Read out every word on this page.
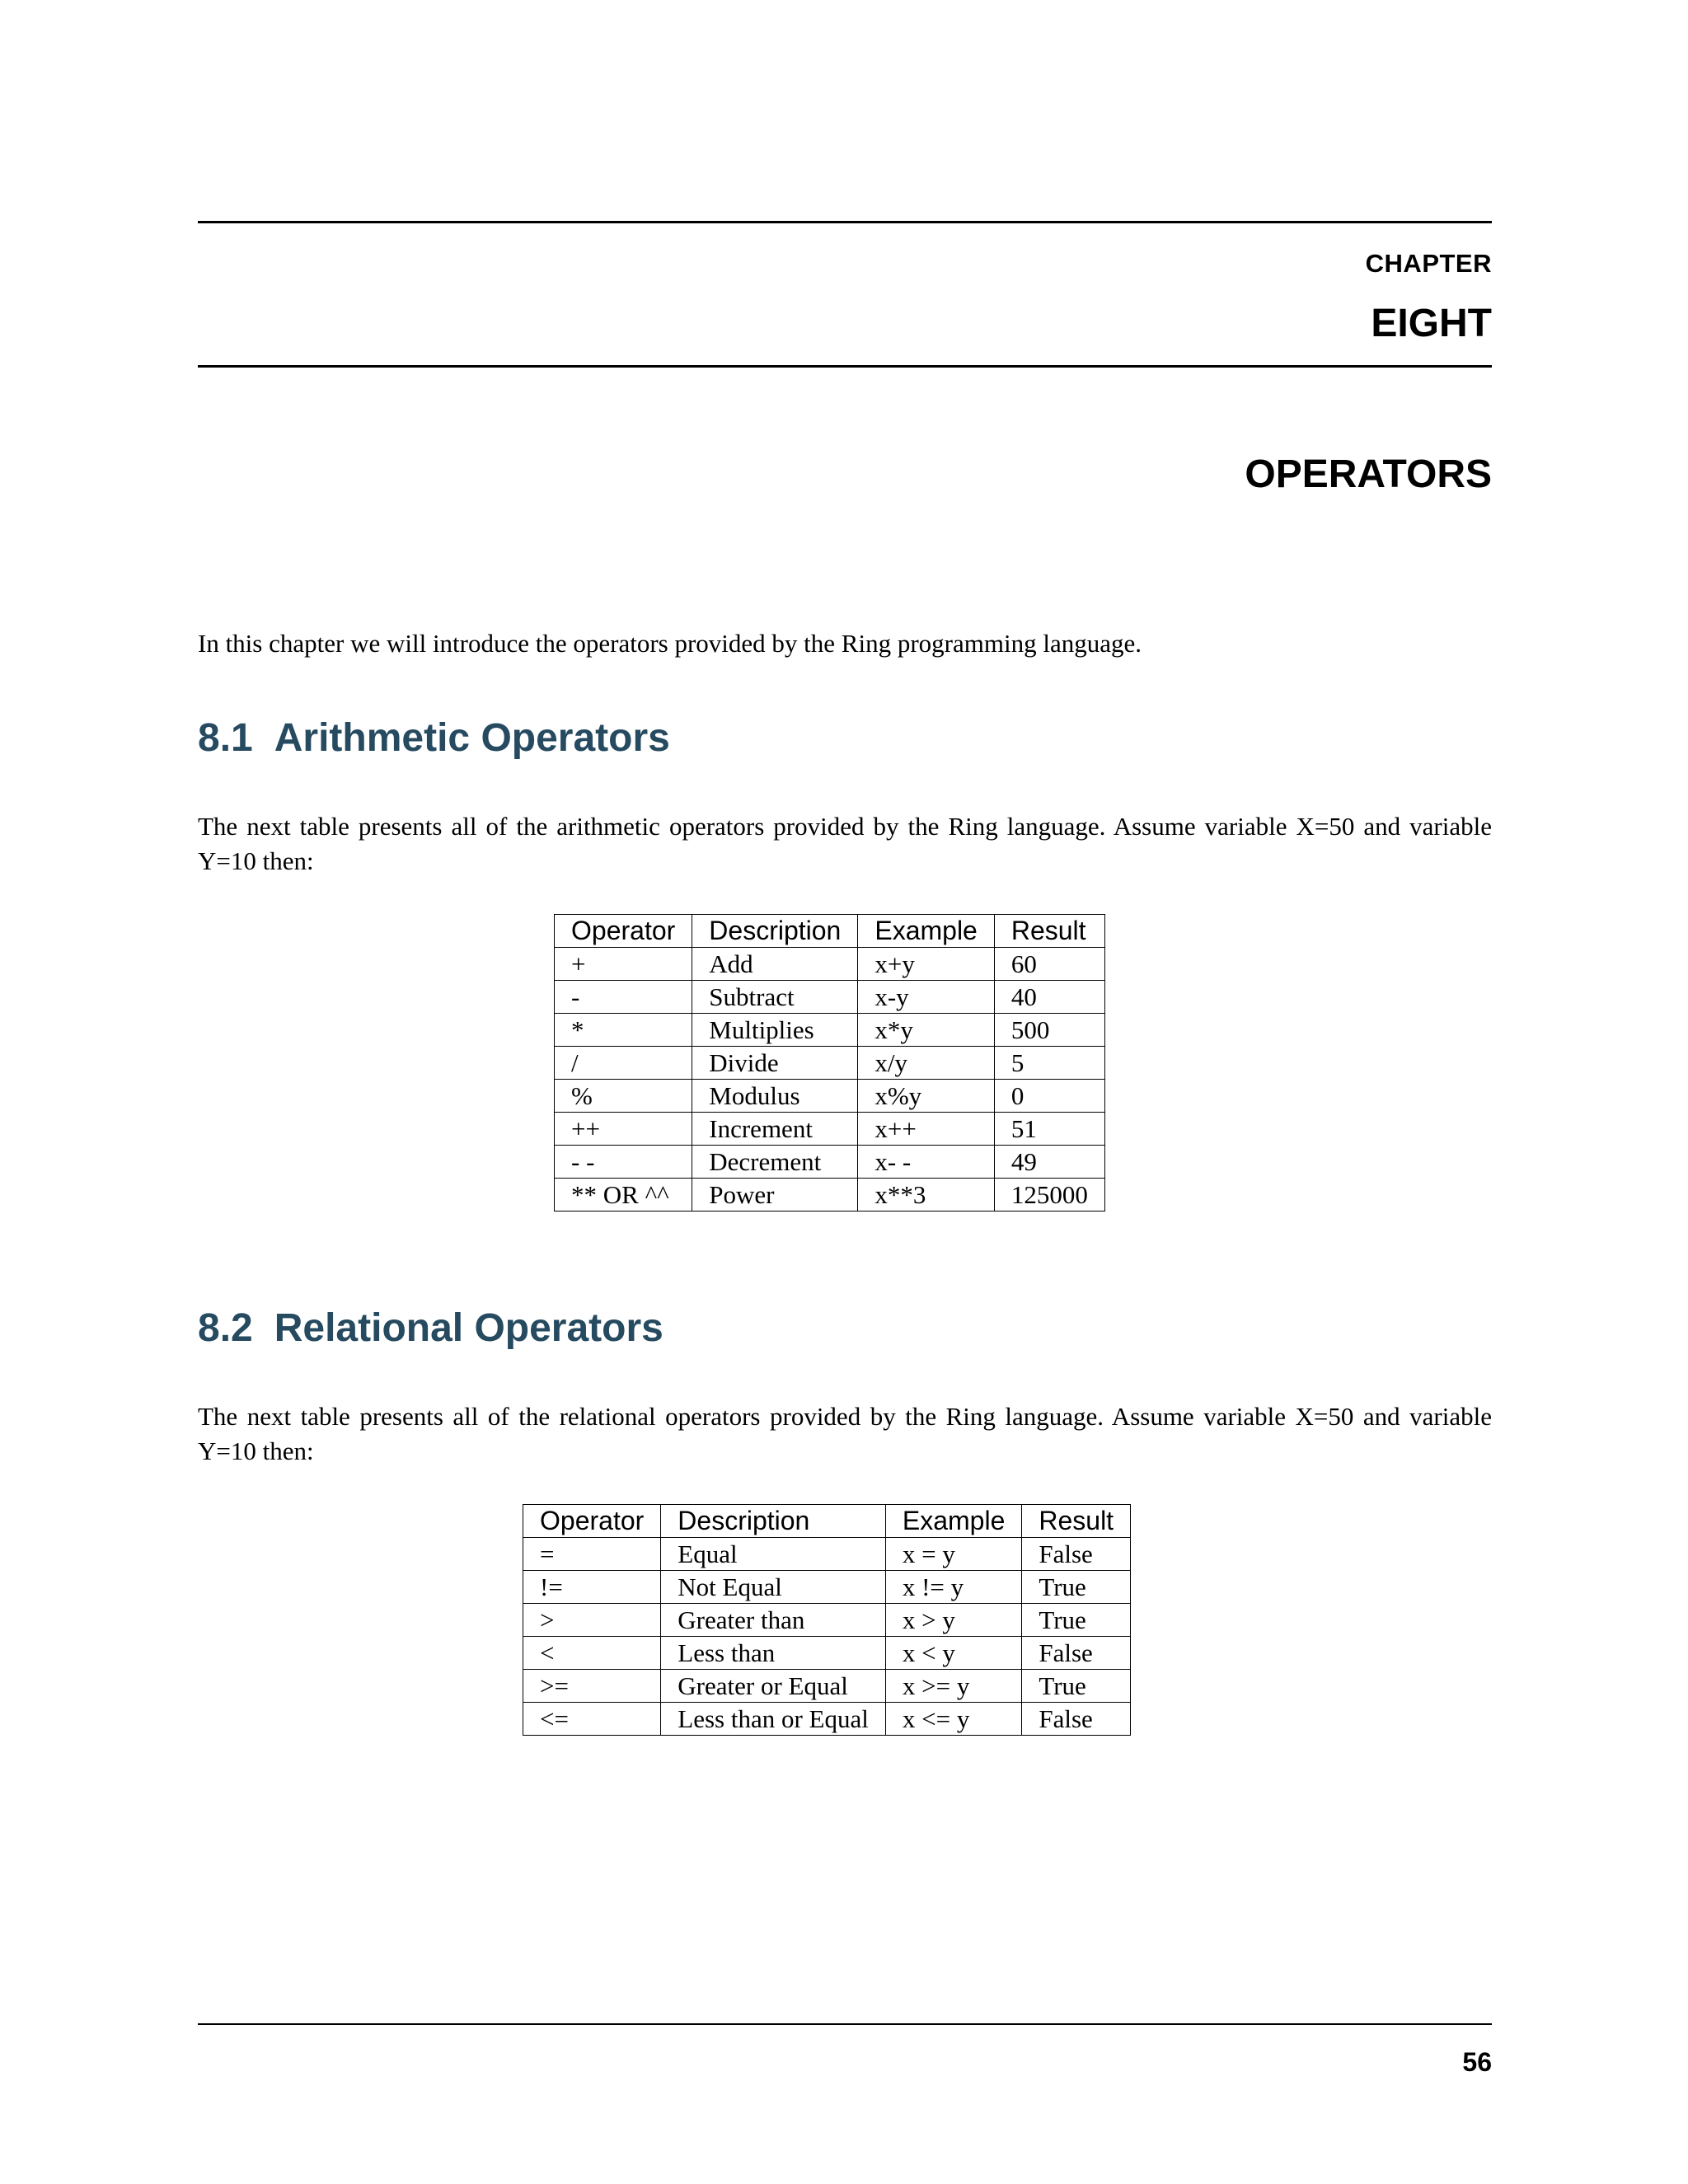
CHAPTER
EIGHT
OPERATORS
In this chapter we will introduce the operators provided by the Ring programming language.
8.1 Arithmetic Operators
The next table presents all of the arithmetic operators provided by the Ring language. Assume variable X=50 and variable Y=10 then:
Operator	Description	Example	Result
+	Add	x+y	60
-	Subtract	x-y	40
*	Multiplies	x*y	500
/	Divide	x/y	5
%	Modulus	x%y	0
++	Increment	x++	51
- -	Decrement	x- -	49
** OR ^^	Power	x**3	125000
8.2 Relational Operators
The next table presents all of the relational operators provided by the Ring language. Assume variable X=50 and variable Y=10 then:
Operator	Description	Example	Result
=	Equal	x = y	False
!=	Not Equal	x != y	True
>	Greater than	x > y	True
<	Less than	x < y	False
>=	Greater or Equal	x >= y	True
<=	Less than or Equal	x <= y	False
56
